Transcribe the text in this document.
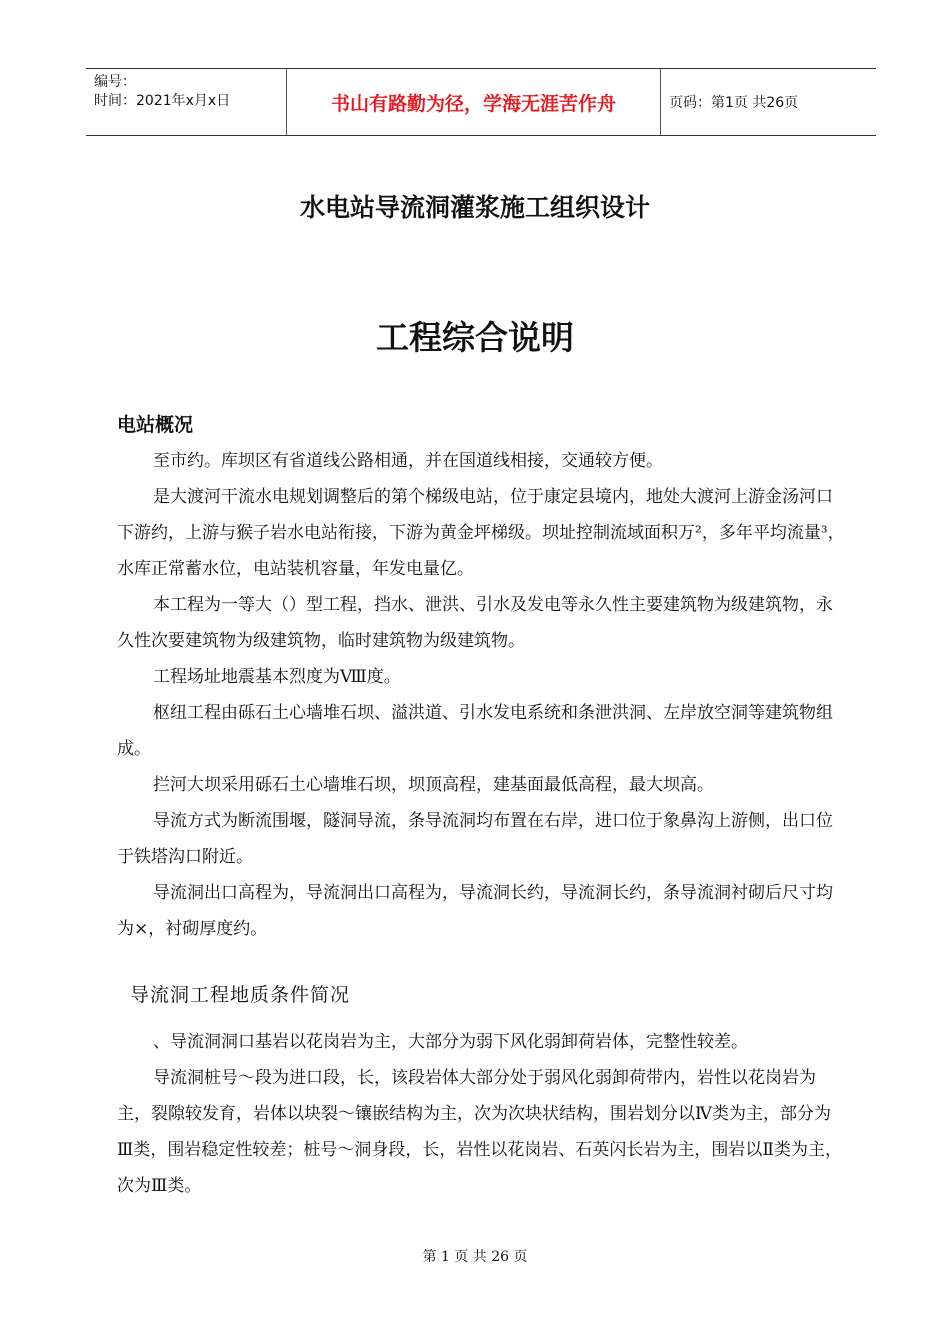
编号：
时间：2021年x月x日	书山有路勤为径，学海无涯苦作舟	页码：第1页 共26页
水电站导流洞灌浆施工组织设计
工程综合说明
电站概况
至市约。库坝区有省道线公路相通，并在国道线相接，交通较方便。
是大渡河干流水电规划调整后的第个梯级电站，位于康定县境内，地处大渡河上游金汤河口下游约，上游与猴子岩水电站衔接，下游为黄金坪梯级。坝址控制流域面积万²，多年平均流量³，水库正常蓄水位，电站装机容量，年发电量亿。
本工程为一等大（）型工程，挡水、泄洪、引水及发电等永久性主要建筑物为级建筑物，永久性次要建筑物为级建筑物，临时建筑物为级建筑物。
工程场址地震基本烈度为Ⅷ度。
枢纽工程由砾石土心墙堆石坝、溢洪道、引水发电系统和条泄洪洞、左岸放空洞等建筑物组成。
拦河大坝采用砾石土心墙堆石坝，坝顶高程，建基面最低高程，最大坝高。
导流方式为断流围堰，隧洞导流，条导流洞均布置在右岸，进口位于象鼻沟上游侧，出口位于铁塔沟口附近。
导流洞出口高程为，导流洞出口高程为，导流洞长约，导流洞长约，条导流洞衬砌后尺寸均为×，衬砌厚度约。
导流洞工程地质条件简况
、导流洞洞口基岩以花岗岩为主，大部分为弱下风化弱卸荷岩体，完整性较差。
导流洞桩号～段为进口段，长，该段岩体大部分处于弱风化弱卸荷带内，岩性以花岗岩为主，裂隙较发育，岩体以块裂～镶嵌结构为主，次为次块状结构，围岩划分以Ⅳ类为主，部分为Ⅲ类，围岩稳定性较差；桩号～洞身段，长，岩性以花岗岩、石英闪长岩为主，围岩以Ⅱ类为主，次为Ⅲ类。
第 1 页 共 26 页
